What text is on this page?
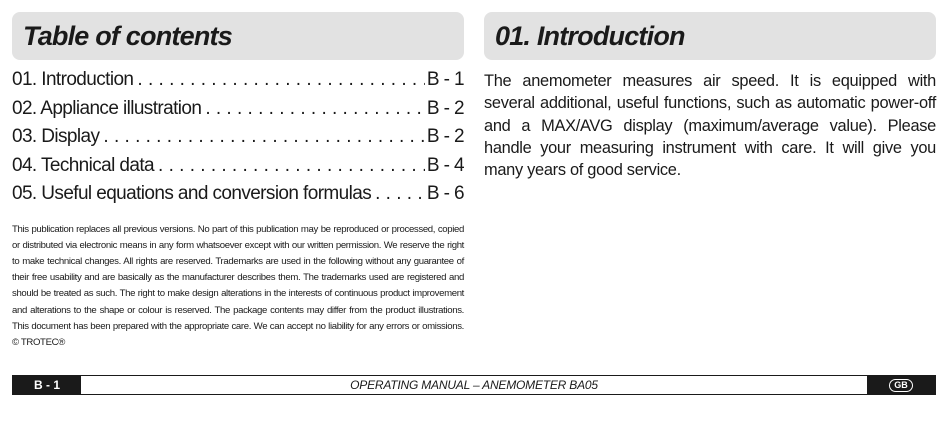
Table of contents
01. Introduction . . .	B - 1
02. Appliance illustration . . .	B - 2
03. Display . . .	B - 2
04. Technical data . . .	B - 4
05. Useful equations and conversion formulas . . .	B - 6

This publication replaces all previous versions. No part of this publication may be reproduced or processed, copied or distributed via electronic means in any form whatsoever except with our written permission. We reserve the right to make technical changes. All rights are reserved. Trademarks are used in the following without any guarantee of their free usability and are basically as the manufacturer describes them. The trademarks used are registered and should be treated as such. The right to make design alterations in the interests of continuous product improvement and alterations to the shape or colour is reserved. The package contents may differ from the product illustrations. This document has been prepared with the appropriate care. We can accept no liability for any errors or omissions. © TROTEC®

01. Introduction

The anemometer measures air speed. It is equipped with several additional, useful functions, such as automatic power-off and a MAX/AVG display (maximum/average value). Please handle your measuring instrument with care. It will give you many years of good service.

B - 1	OPERATING MANUAL – ANEMOMETER BA05	GB
